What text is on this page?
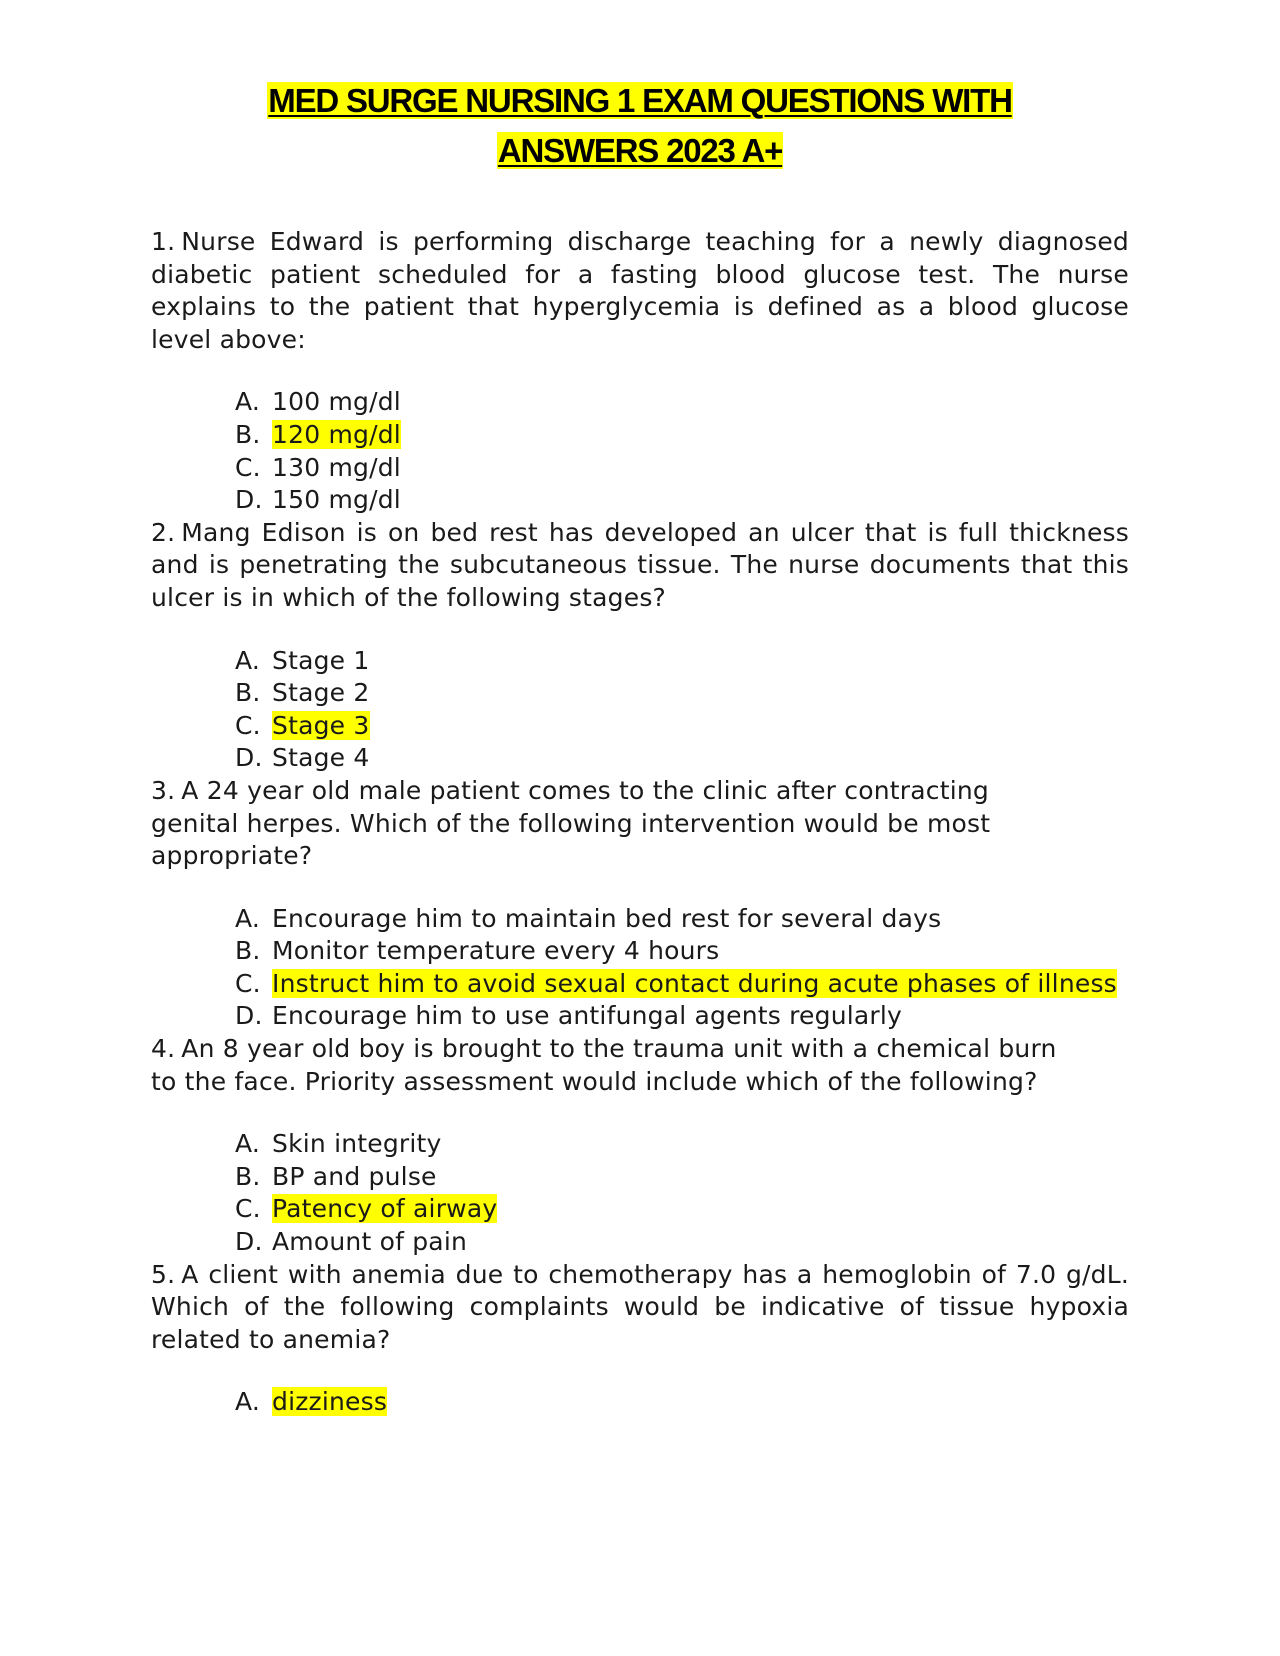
MED SURGE NURSING 1 EXAM QUESTIONS WITH
ANSWERS 2023 A+
1. Nurse Edward is performing discharge teaching for a newly diagnosed diabetic patient scheduled for a fasting blood glucose test. The nurse explains to the patient that hyperglycemia is defined as a blood glucose level above:
A. 100 mg/dl
B. 120 mg/dl
C. 130 mg/dl
D. 150 mg/dl
2. Mang Edison is on bed rest has developed an ulcer that is full thickness and is penetrating the subcutaneous tissue. The nurse documents that this ulcer is in which of the following stages?
A. Stage 1
B. Stage 2
C. Stage 3
D. Stage 4
3. A 24 year old male patient comes to the clinic after contracting genital herpes. Which of the following intervention would be most appropriate?
A. Encourage him to maintain bed rest for several days
B. Monitor temperature every 4 hours
C. Instruct him to avoid sexual contact during acute phases of illness
D. Encourage him to use antifungal agents regularly
4. An 8 year old boy is brought to the trauma unit with a chemical burn to the face. Priority assessment would include which of the following?
A. Skin integrity
B. BP and pulse
C. Patency of airway
D. Amount of pain
5. A client with anemia due to chemotherapy has a hemoglobin of 7.0 g/dL. Which of the following complaints would be indicative of tissue hypoxia related to anemia?
A. dizziness
